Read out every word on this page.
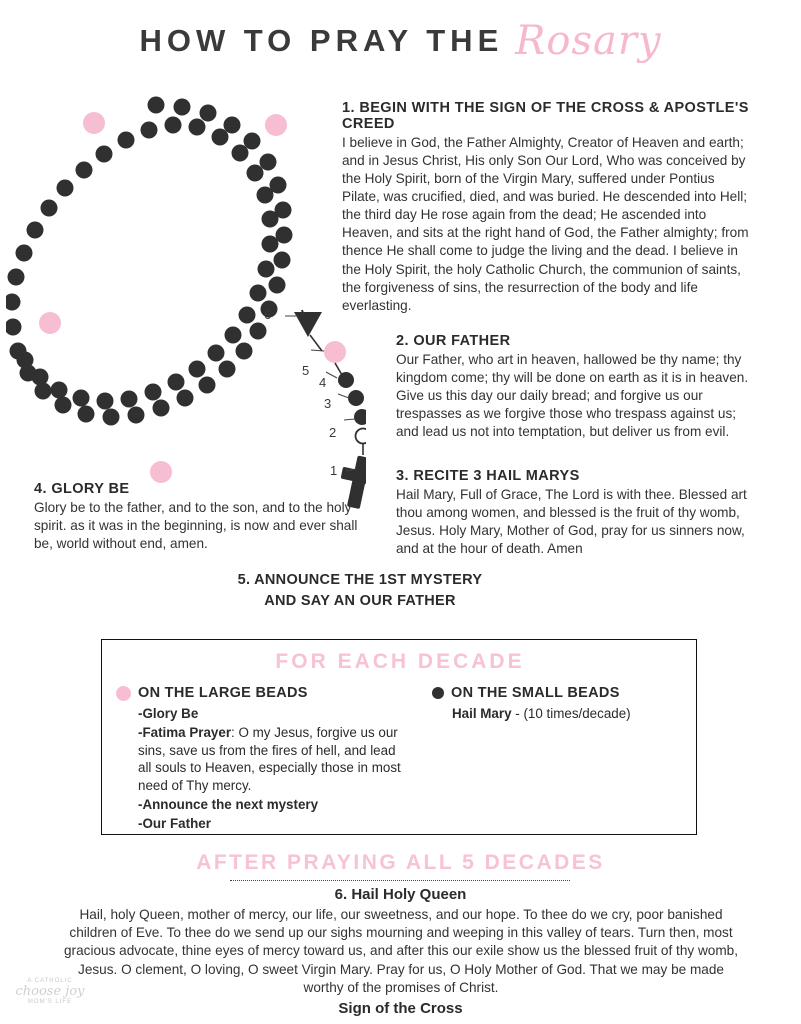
HOW TO PRAY THE Rosary
6
5
4
3
2
1
1. BEGIN WITH THE SIGN OF THE CROSS & APOSTLE'S CREED
I believe in God, the Father Almighty, Creator of Heaven and earth; and in Jesus Christ, His only Son Our Lord, Who was conceived by the Holy Spirit, born of the Virgin Mary, suffered under Pontius Pilate, was crucified, died, and was buried. He descended into Hell; the third day He rose again from the dead; He ascended into Heaven, and sits at the right hand of God, the Father almighty; from thence He shall come to judge the living and the dead. I believe in the Holy Spirit, the holy Catholic Church, the communion of saints, the forgiveness of sins, the resurrection of the body and life everlasting.
2. OUR FATHER
Our Father, who art in heaven, hallowed be thy name; thy kingdom come; thy will be done on earth as it is in heaven. Give us this day our daily bread; and forgive us our trespasses as we forgive those who trespass against us; and lead us not into temptation, but deliver us from evil.
3. RECITE 3 HAIL MARYS
Hail Mary, Full of Grace, The Lord is with thee. Blessed art thou among women, and blessed is the fruit of thy womb, Jesus. Holy Mary, Mother of God, pray for us sinners now, and at the hour of death. Amen
4. GLORY BE
Glory be to the father, and to the son, and to the holy spirit. as it was in the beginning, is now and ever shall be, world without end, amen.
5. ANNOUNCE THE 1ST MYSTERY
AND SAY AN OUR FATHER
FOR EACH DECADE
ON THE LARGE BEADS
-Glory Be
-Fatima Prayer: O my Jesus, forgive us our sins, save us from the fires of hell, and lead all souls to Heaven, especially those in most need of Thy mercy.
-Announce the next mystery
-Our Father
ON THE SMALL BEADS
Hail Mary - (10 times/decade)
AFTER PRAYING ALL 5 DECADES
6. Hail Holy Queen
Hail, holy Queen, mother of mercy, our life, our sweetness, and our hope. To thee do we cry, poor banished children of Eve. To thee do we send up our sighs mourning and weeping in this valley of tears. Turn then, most gracious advocate, thine eyes of mercy toward us, and after this our exile show us the blessed fruit of thy womb, Jesus. O clement, O loving, O sweet Virgin Mary. Pray for us, O Holy Mother of God. That we may be made worthy of the promises of Christ.
Sign of the Cross
A CATHOLIC
choose joy
MOM'S LIFE
